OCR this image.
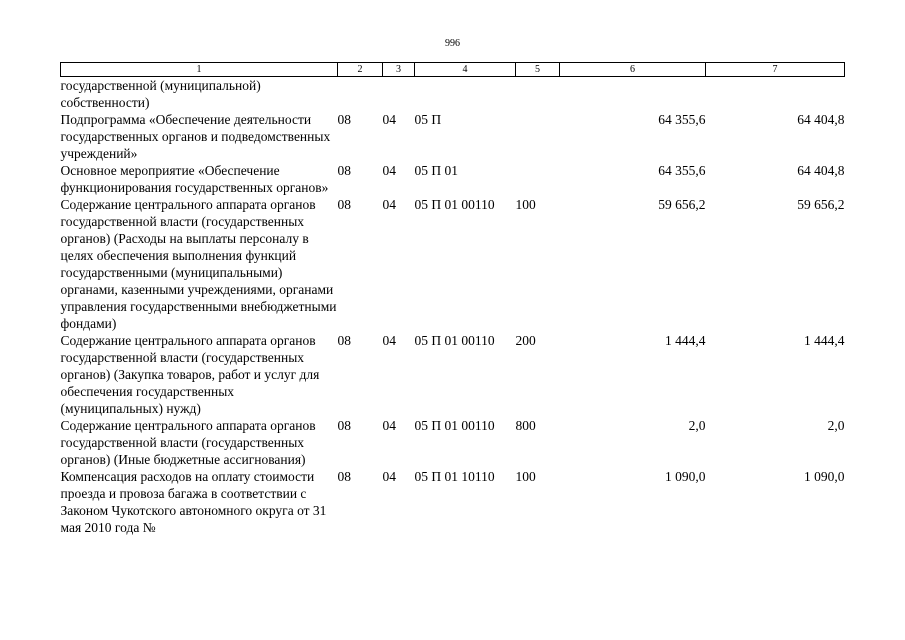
996
1	2	3	4	5	6	7
государственной (муниципальной) собственности)						
Подпрограмма «Обеспечение деятельности государственных органов и подведомственных учреждений»	08	04	05 П		64 355,6	64 404,8
Основное мероприятие «Обеспечение функционирования государственных органов»	08	04	05 П 01		64 355,6	64 404,8
Содержание центрального аппарата органов государственной власти (государственных органов) (Расходы на выплаты персоналу в целях обеспечения выполнения функций государственными (муниципальными) органами, казенными учреждениями, органами управления государственными внебюджетными фондами)	08	04	05 П 01 00110	100	59 656,2	59 656,2
Содержание центрального аппарата органов государственной власти (государственных органов) (Закупка товаров, работ и услуг для обеспечения государственных (муниципальных) нужд)	08	04	05 П 01 00110	200	1 444,4	1 444,4
Содержание центрального аппарата органов государственной власти (государственных органов) (Иные бюджетные ассигнования)	08	04	05 П 01 00110	800	2,0	2,0
Компенсация расходов на оплату стоимости проезда и провоза багажа в соответствии с Законом Чукотского автономного округа от 31 мая 2010 года №	08	04	05 П 01 10110	100	1 090,0	1 090,0
